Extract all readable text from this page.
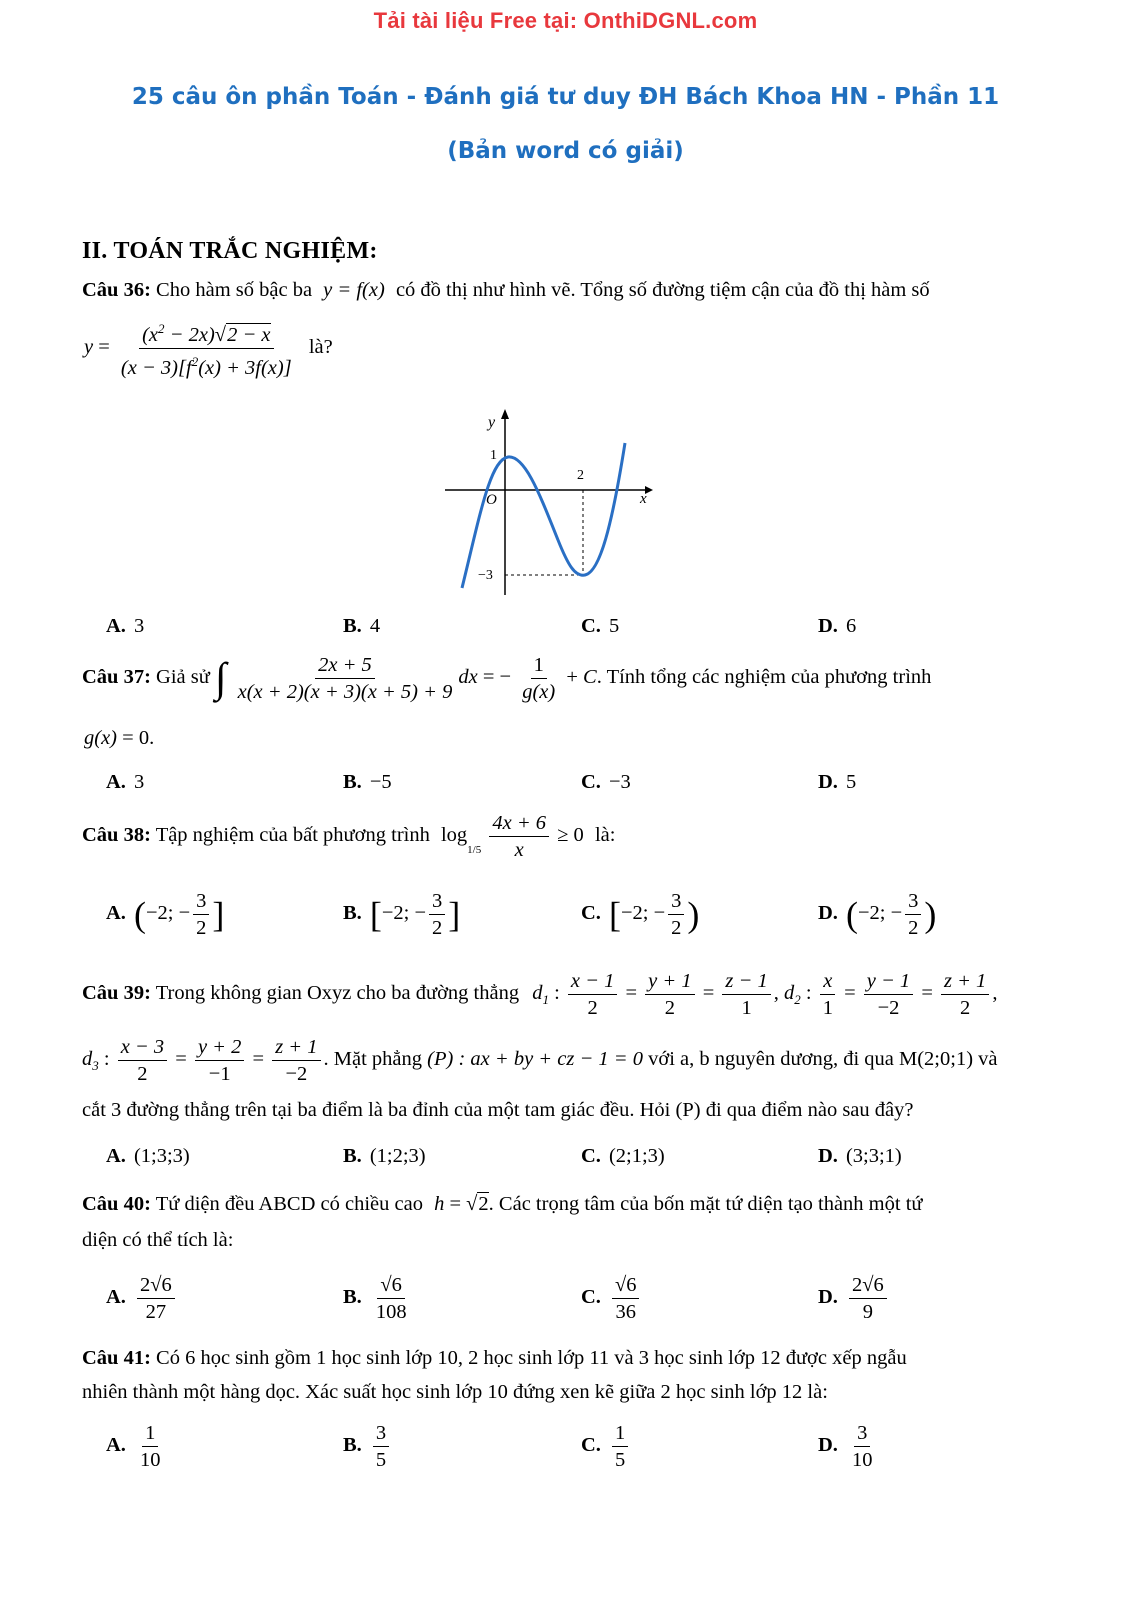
Tải tài liệu Free tại: OnthiDGNL.com
25 câu ôn phần Toán - Đánh giá tư duy ĐH Bách Khoa HN - Phần 11
(Bản word có giải)
II. TOÁN TRẮC NGHIỆM:
Câu 36: Cho hàm số bậc ba y = f(x) có đồ thị như hình vẽ. Tổng số đường tiệm cận của đồ thị hàm số
$y = \frac{(x^2 - 2x)√2 - x}{(x - 3)[f^2(x) + 3f(x)]}$ là?
y
x
O
1
2
−3
A. 3	B. 4	C. 5	D. 6
Câu 37: Giả sử ∫ $\frac{2x + 5}{x(x + 2)(x + 3)(x + 5) + 9}$ dx = − $\frac{1}{g(x)} + C$. Tính tổng các nghiệm của phương trình
g(x) = 0.
A. 3	B. −5	C. −3	D. 5
Câu 38: Tập nghiệm của bất phương trình $\log_{1/5} \frac{4x + 6}{x} \ge 0$ là:
A. (−2; − $\frac{3}{2}$ ]	B. [−2; − $\frac{3}{2}$ ]	C. [−2; − $\frac{3}{2}$ )	D. (−2; − $\frac{3}{2}$ )
Câu 39: Trong không gian Oxyz cho ba đường thẳng $d_1$ : $\frac{x - 1}{2} = \frac{y + 1}{2} = \frac{z - 1}{1}$ , $d_2$ : $\frac{x}{1} = \frac{y - 1}{-2} = \frac{z + 1}{2}$ ,
$d_3$ : $\frac{x - 3}{2} = \frac{y + 2}{-1} = \frac{z + 1}{-2}$ . Mặt phẳng (P) : ax + by + cz − 1 = 0 với a, b nguyên dương, đi qua M(2;0;1) và
cắt 3 đường thẳng trên tại ba điểm là ba đỉnh của một tam giác đều. Hỏi (P) đi qua điểm nào sau đây?
A. (1;3;3)	B. (1;2;3)	C. (2;1;3)	D. (3;3;1)
Câu 40: Tứ diện đều ABCD có chiều cao h = √2. Các trọng tâm của bốn mặt tứ diện tạo thành một tứ
diện có thể tích là:
A. $\frac{2√6}{27}$	B. $\frac{√6}{108}$	C. $\frac{√6}{36}$	D. $\frac{2√6}{9}$
Câu 41: Có 6 học sinh gồm 1 học sinh lớp 10, 2 học sinh lớp 11 và 3 học sinh lớp 12 được xếp ngẫu
nhiên thành một hàng dọc. Xác suất học sinh lớp 10 đứng xen kẽ giữa 2 học sinh lớp 12 là:
A. $\frac{1}{10}$	B. $\frac{3}{5}$	C. $\frac{1}{5}$	D. $\frac{3}{10}$
